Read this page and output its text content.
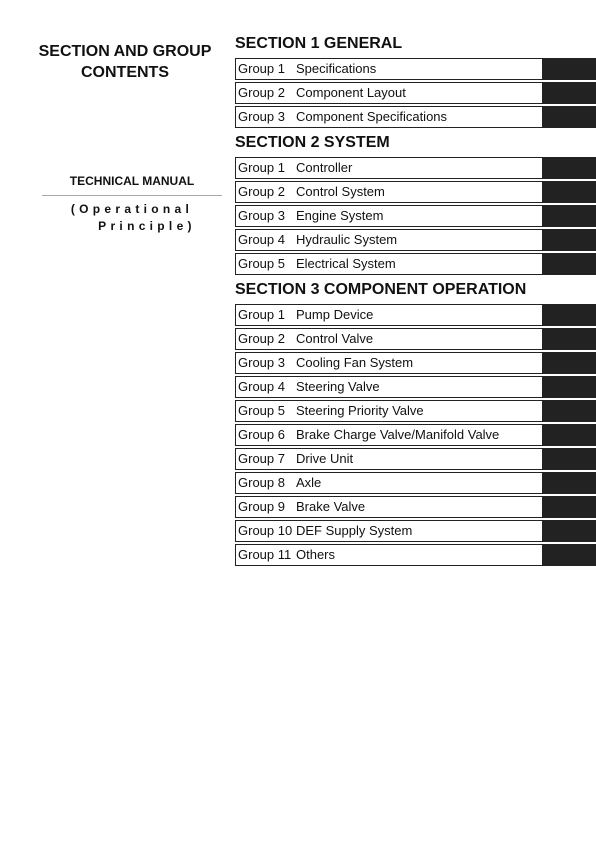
SECTION AND GROUP
CONTENTS
TECHNICAL MANUAL
(Operational
Principle)
SECTION 1 GENERAL
Group 1 Specifications
Group 2 Component Layout
Group 3 Component Specifications
SECTION 2 SYSTEM
Group 1 Controller
Group 2 Control System
Group 3 Engine System
Group 4 Hydraulic System
Group 5 Electrical System
SECTION 3 COMPONENT OPERATION
Group 1 Pump Device
Group 2 Control Valve
Group 3 Cooling Fan System
Group 4 Steering Valve
Group 5 Steering Priority Valve
Group 6 Brake Charge Valve/Manifold Valve
Group 7 Drive Unit
Group 8 Axle
Group 9 Brake Valve
Group 10 DEF Supply System
Group 11 Others
